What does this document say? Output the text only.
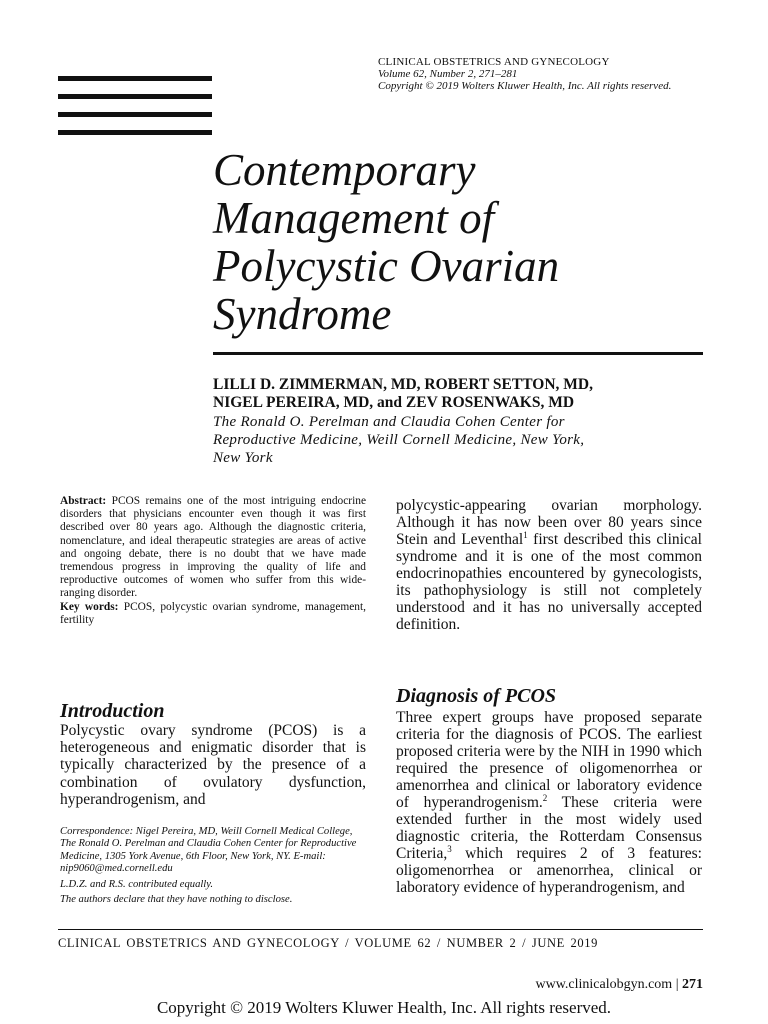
CLINICAL OBSTETRICS AND GYNECOLOGY
Volume 62, Number 2, 271–281
Copyright © 2019 Wolters Kluwer Health, Inc. All rights reserved.
Contemporary
Management of
Polycystic Ovarian
Syndrome
LILLI D. ZIMMERMAN, MD, ROBERT SETTON, MD,
NIGEL PEREIRA, MD, and ZEV ROSENWAKS, MD
The Ronald O. Perelman and Claudia Cohen Center for
Reproductive Medicine, Weill Cornell Medicine, New York,
New York
Abstract: PCOS remains one of the most intriguing endocrine disorders that physicians encounter even though it was first described over 80 years ago. Although the diagnostic criteria, nomenclature, and ideal therapeutic strategies are areas of active and ongoing debate, there is no doubt that we have made tremendous progress in improving the quality of life and reproductive outcomes of women who suffer from this wide-ranging disorder.
Key words: PCOS, polycystic ovarian syndrome, management, fertility
Introduction
Polycystic ovary syndrome (PCOS) is a heterogeneous and enigmatic disorder that is typically characterized by the presence of a combination of ovulatory dysfunction, hyperandrogenism, and

Correspondence: Nigel Pereira, MD, Weill Cornell Medical College, The Ronald O. Perelman and Claudia Cohen Center for Reproductive Medicine, 1305 York Avenue, 6th Floor, New York, NY. E-mail: nip9060@med.cornell.edu

L.D.Z. and R.S. contributed equally.

The authors declare that they have nothing to disclose.

polycystic-appearing ovarian morphology. Although it has now been over 80 years since Stein and Leventhal$^1$ first described this clinical syndrome and it is one of the most common endocrinopathies encountered by gynecologists, its pathophysiology is still not completely understood and it has no universally accepted definition.
Diagnosis of PCOS
Three expert groups have proposed separate criteria for the diagnosis of PCOS. The earliest proposed criteria were by the NIH in 1990 which required the presence of oligomenorrhea or amenorrhea and clinical or laboratory evidence of hyperandrogenism.$^2$ These criteria were extended further in the most widely used diagnostic criteria, the Rotterdam Consensus Criteria,$^3$ which requires 2 of 3 features: oligomenorrhea or amenorrhea, clinical or laboratory evidence of hyperandrogenism, and
CLINICAL OBSTETRICS AND GYNECOLOGY / VOLUME 62 / NUMBER 2 / JUNE 2019
www.clinicalobgyn.com | 271
Copyright © 2019 Wolters Kluwer Health, Inc. All rights reserved.
